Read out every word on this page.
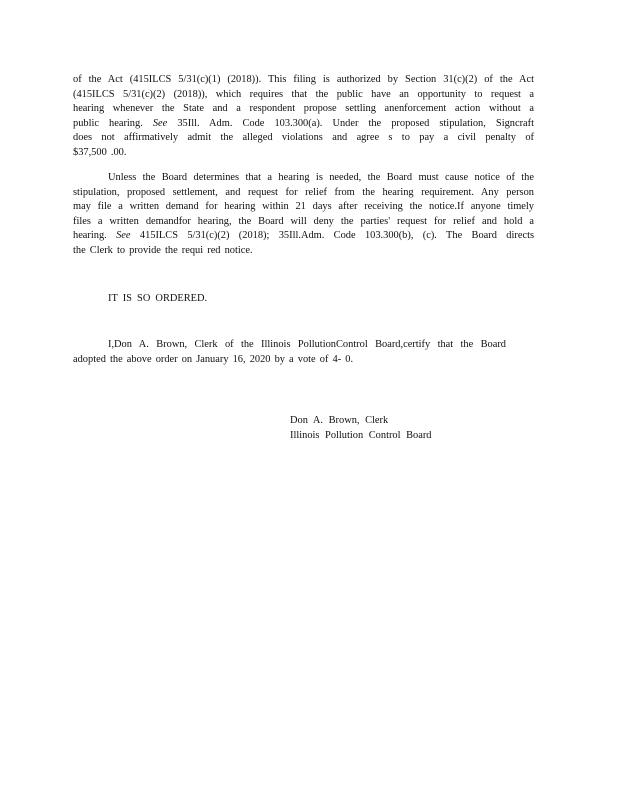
of the Act (415ILCS 5/31(c)(1) (2018)). This filing is authorized by Section 31(c)(2) of the Act
(415ILCS 5/31(c)(2) (2018)), which requires that the public have an opportunity to request a
hearing whenever the State and a respondent propose settling anenforcement action without a
public hearing. See 35Ill. Adm. Code 103.300(a). Under the proposed stipulation, Signcraft
does not affirmatively admit the alleged violations and agree s to pay a civil penalty of
$37,500 .00.
Unless the Board determines that a hearing is needed, the Board must cause notice of the
stipulation, proposed settlement, and request for relief from the hearing requirement. Any person
may file a written demand for hearing within 21 days after receiving the notice.If anyone timely
files a written demandfor hearing, the Board will deny the parties' request for relief and hold a
hearing. See 415ILCS 5/31(c)(2) (2018); 35Ill.Adm. Code 103.300(b), (c). The Board directs
the Clerk to provide the requi red notice.
IT IS SO ORDERED.
I,Don A. Brown, Clerk of the Illinois PollutionControl Board,certify that the Board
adopted the above order on January 16, 2020 by a vote of 4- 0.
Don A. Brown, Clerk
Illinois Pollution Control Board
